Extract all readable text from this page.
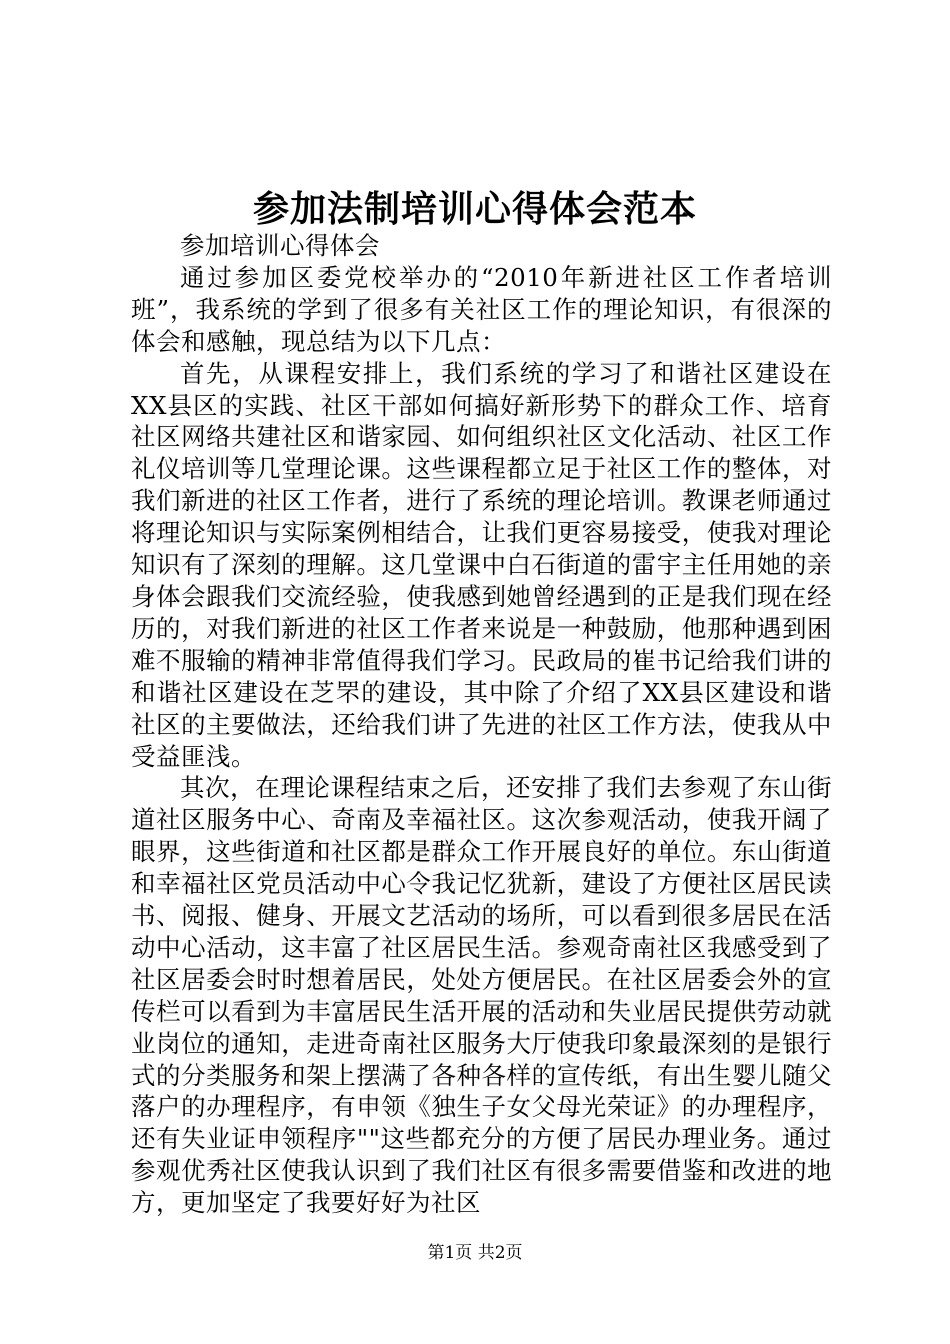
参加法制培训心得体会范本

参加培训心得体会

通过参加区委党校举办的“2010年新进社区工作者培训班”，我系统的学到了很多有关社区工作的理论知识，有很深的体会和感触，现总结为以下几点：

首先，从课程安排上，我们系统的学习了和谐社区建设在XX县区的实践、社区干部如何搞好新形势下的群众工作、培育社区网络共建社区和谐家园、如何组织社区文化活动、社区工作礼仪培训等几堂理论课。这些课程都立足于社区工作的整体，对我们新进的社区工作者，进行了系统的理论培训。教课老师通过将理论知识与实际案例相结合，让我们更容易接受，使我对理论知识有了深刻的理解。这几堂课中白石街道的雷宇主任用她的亲身体会跟我们交流经验，使我感到她曾经遇到的正是我们现在经历的，对我们新进的社区工作者来说是一种鼓励，他那种遇到困难不服输的精神非常值得我们学习。民政局的崔书记给我们讲的和谐社区建设在芝罘的建设，其中除了介绍了XX县区建设和谐社区的主要做法，还给我们讲了先进的社区工作方法，使我从中受益匪浅。

其次，在理论课程结束之后，还安排了我们去参观了东山街道社区服务中心、奇南及幸福社区。这次参观活动，使我开阔了眼界，这些街道和社区都是群众工作开展良好的单位。东山街道和幸福社区党员活动中心令我记忆犹新，建设了方便社区居民读书、阅报、健身、开展文艺活动的场所，可以看到很多居民在活动中心活动，这丰富了社区居民生活。参观奇南社区我感受到了社区居委会时时想着居民，处处方便居民。在社区居委会外的宣传栏可以看到为丰富居民生活开展的活动和失业居民提供劳动就业岗位的通知，走进奇南社区服务大厅使我印象最深刻的是银行式的分类服务和架上摆满了各种各样的宣传纸，有出生婴儿随父落户的办理程序，有申领《独生子女父母光荣证》的办理程序，还有失业证申领程序""这些都充分的方便了居民办理业务。通过参观优秀社区使我认识到了我们社区有很多需要借鉴和改进的地方，更加坚定了我要好好为社区

第1页 共2页
